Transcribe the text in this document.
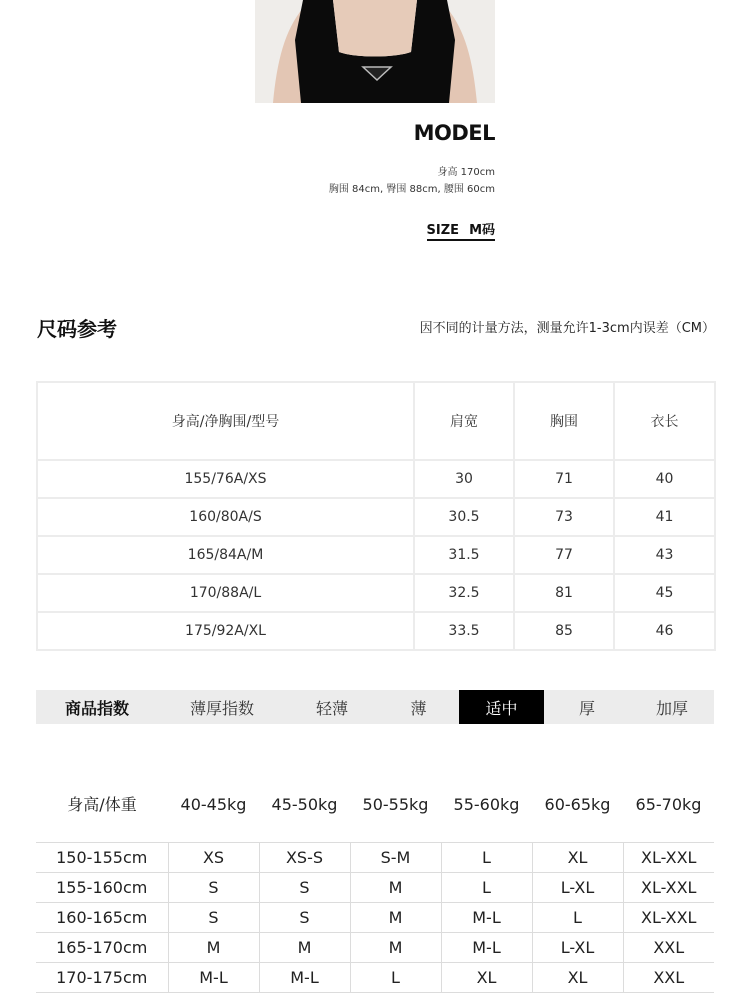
MODEL
身高 170cm
胸围 84cm, 臀围 88cm, 腰围 60cm
SIZE M码
尺码参考	因不同的计量方法，测量允许1-3cm内误差（CM）
身高/净胸围/型号	肩宽	胸围	衣长
155/76A/XS	30	71	40
160/80A/S	30.5	73	41
165/84A/M	31.5	77	43
170/88A/L	32.5	81	45
175/92A/XL	33.5	85	46
商品指数	薄厚指数	轻薄	薄	适中	厚	加厚
身高/体重	40-45kg	45-50kg	50-55kg	55-60kg	60-65kg	65-70kg
150-155cm	XS	XS-S	S-M	L	XL	XL-XXL
155-160cm	S	S	M	L	L-XL	XL-XXL
160-165cm	S	S	M	M-L	L	XL-XXL
165-170cm	M	M	M	M-L	L-XL	XXL
170-175cm	M-L	M-L	L	XL	XL	XXL
